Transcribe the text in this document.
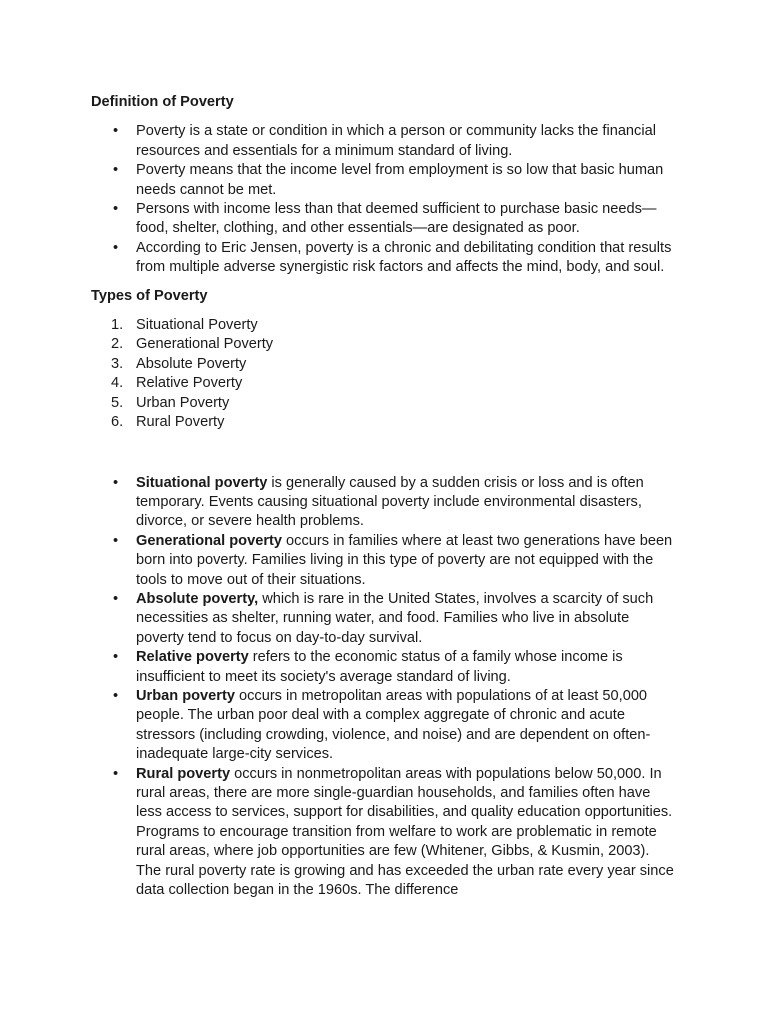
Definition of Poverty

• Poverty is a state or condition in which a person or community lacks the financial resources and essentials for a minimum standard of living.
• Poverty means that the income level from employment is so low that basic human needs cannot be met.
• Persons with income less than that deemed sufficient to purchase basic needs—food, shelter, clothing, and other essentials—are designated as poor.
• According to Eric Jensen, poverty is a chronic and debilitating condition that results from multiple adverse synergistic risk factors and affects the mind, body, and soul.

Types of Poverty

1. Situational Poverty
2. Generational Poverty
3. Absolute Poverty
4. Relative Poverty
5. Urban Poverty
6. Rural Poverty
• Situational poverty is generally caused by a sudden crisis or loss and is often temporary. Events causing situational poverty include environmental disasters, divorce, or severe health problems.
• Generational poverty occurs in families where at least two generations have been born into poverty. Families living in this type of poverty are not equipped with the tools to move out of their situations.
• Absolute poverty, which is rare in the United States, involves a scarcity of such necessities as shelter, running water, and food. Families who live in absolute poverty tend to focus on day-to-day survival.
• Relative poverty refers to the economic status of a family whose income is insufficient to meet its society's average standard of living.
• Urban poverty occurs in metropolitan areas with populations of at least 50,000 people. The urban poor deal with a complex aggregate of chronic and acute stressors (including crowding, violence, and noise) and are dependent on often-inadequate large-city services.
• Rural poverty occurs in nonmetropolitan areas with populations below 50,000. In rural areas, there are more single-guardian households, and families often have less access to services, support for disabilities, and quality education opportunities. Programs to encourage transition from welfare to work are problematic in remote rural areas, where job opportunities are few (Whitener, Gibbs, & Kusmin, 2003). The rural poverty rate is growing and has exceeded the urban rate every year since data collection began in the 1960s. The difference
